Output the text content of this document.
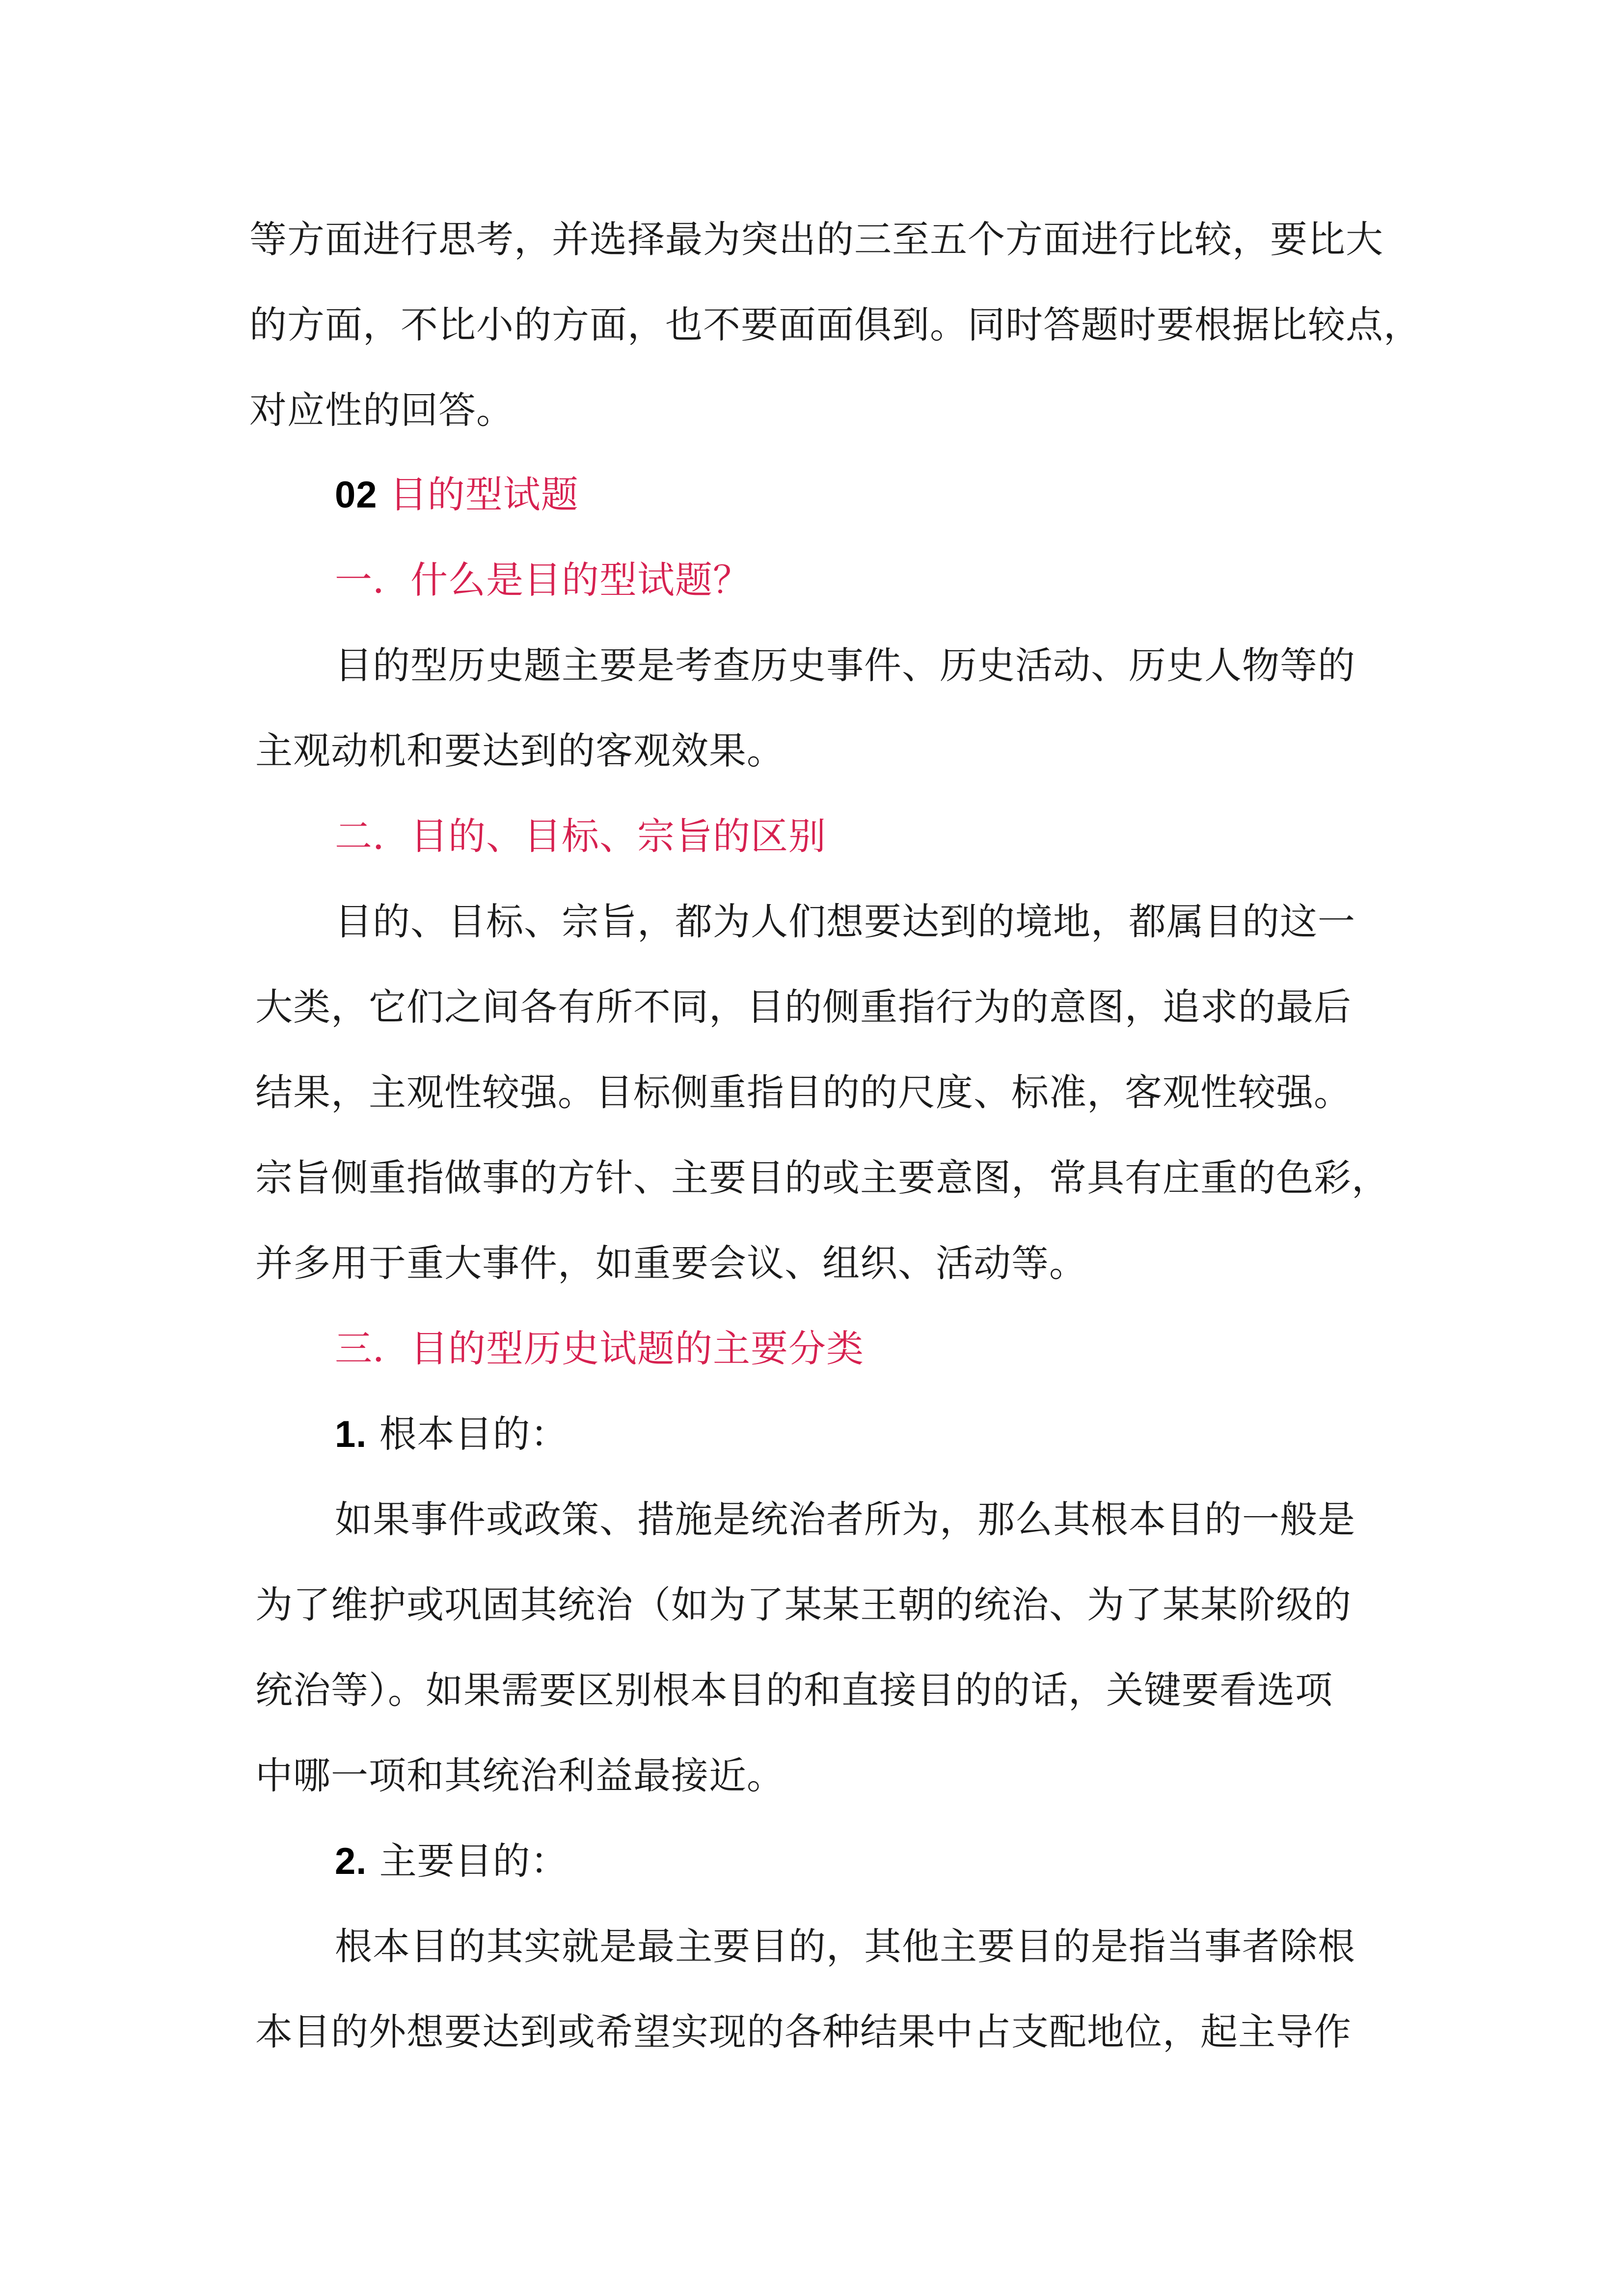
等方面进行思考，并选择最为突出的三至五个方面进行比较，要比大
的方面，不比小的方面，也不要面面俱到。同时答题时要根据比较点，
对应性的回答。
02 目的型试题
一．什么是目的型试题？
目的型历史题主要是考查历史事件、历史活动、历史人物等的
主观动机和要达到的客观效果。
二．目的、目标、宗旨的区别
目的、目标、宗旨，都为人们想要达到的境地，都属目的这一
大类，它们之间各有所不同，目的侧重指行为的意图，追求的最后
结果，主观性较强。目标侧重指目的的尺度、标准，客观性较强。
宗旨侧重指做事的方针、主要目的或主要意图，常具有庄重的色彩，
并多用于重大事件，如重要会议、组织、活动等。
三．目的型历史试题的主要分类
1. 根本目的：
如果事件或政策、措施是统治者所为，那么其根本目的一般是
为了维护或巩固其统治（如为了某某王朝的统治、为了某某阶级的
统治等）。如果需要区别根本目的和直接目的的话，关键要看选项
中哪一项和其统治利益最接近。
2. 主要目的：
根本目的其实就是最主要目的，其他主要目的是指当事者除根
本目的外想要达到或希望实现的各种结果中占支配地位，起主导作
